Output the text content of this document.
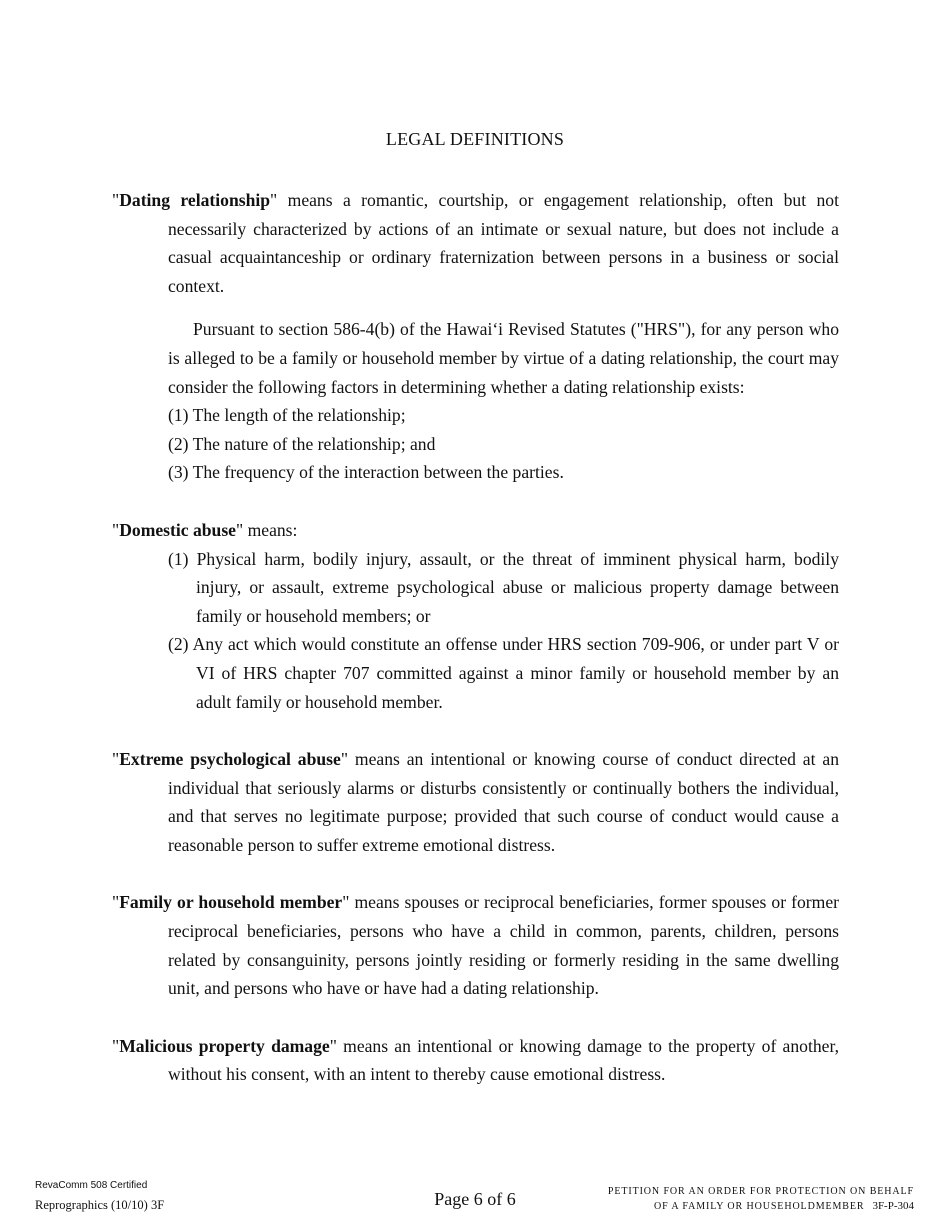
LEGAL DEFINITIONS

"Dating relationship" means a romantic, courtship, or engagement relationship, often but not necessarily characterized by actions of an intimate or sexual nature, but does not include a casual acquaintanceship or ordinary fraternization between persons in a business or social context.

Pursuant to section 586-4(b) of the Hawai‘i Revised Statutes ("HRS"), for any person who is alleged to be a family or household member by virtue of a dating relationship, the court may consider the following factors in determining whether a dating relationship exists:

(1) The length of the relationship;

(2) The nature of the relationship; and

(3) The frequency of the interaction between the parties.

"Domestic abuse" means:

(1) Physical harm, bodily injury, assault, or the threat of imminent physical harm, bodily injury, or assault, extreme psychological abuse or malicious property damage between family or household members; or

(2) Any act which would constitute an offense under HRS section 709-906, or under part V or VI of HRS chapter 707 committed against a minor family or household member by an adult family or household member.

"Extreme psychological abuse" means an intentional or knowing course of conduct directed at an individual that seriously alarms or disturbs consistently or continually bothers the individual, and that serves no legitimate purpose; provided that such course of conduct would cause a reasonable person to suffer extreme emotional distress.

"Family or household member" means spouses or reciprocal beneficiaries, former spouses or former reciprocal beneficiaries, persons who have a child in common, parents, children, persons related by consanguinity, persons jointly residing or formerly residing in the same dwelling unit, and persons who have or have had a dating relationship.

"Malicious property damage" means an intentional or knowing damage to the property of another, without his consent, with an intent to thereby cause emotional distress.

RevaComm 508 Certified
Reprographics (10/10) 3F	Page 6 of 6	PETITION FOR AN ORDER FOR PROTECTION ON BEHALF
OF A FAMILY OR HOUSEHOLDMEMBER 3F-P-304
